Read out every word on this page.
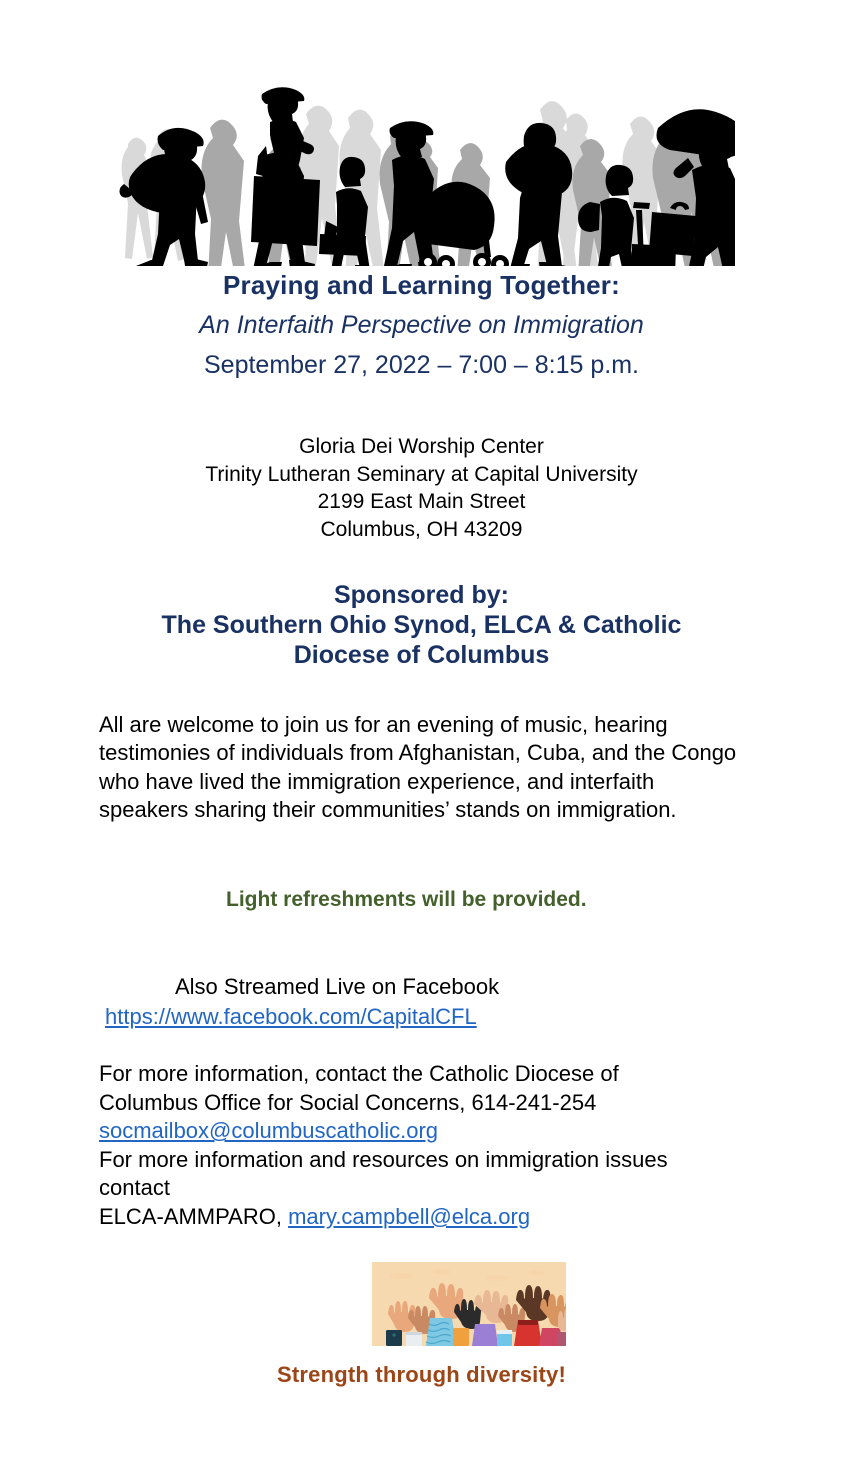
Praying and Learning Together:
An Interfaith Perspective on Immigration
September 27, 2022 – 7:00 – 8:15 p.m.
Gloria Dei Worship Center
Trinity Lutheran Seminary at Capital University
2199 East Main Street
Columbus, OH 43209
Sponsored by:
The Southern Ohio Synod, ELCA & Catholic
Diocese of Columbus
All are welcome to join us for an evening of music, hearing testimonies of individuals from Afghanistan, Cuba, and the Congo who have lived the immigration experience, and interfaith speakers sharing their communities’ stands on immigration.
Light refreshments will be provided.
Also Streamed Live on Facebook
https://www.facebook.com/CapitalCFL
For more information, contact the Catholic Diocese of
Columbus Office for Social Concerns, 614-241-254
socmailbox@columbuscatholic.org
For more information and resources on immigration issues
contact
ELCA-AMMPARO, mary.campbell@elca.org
Strength through diversity!
